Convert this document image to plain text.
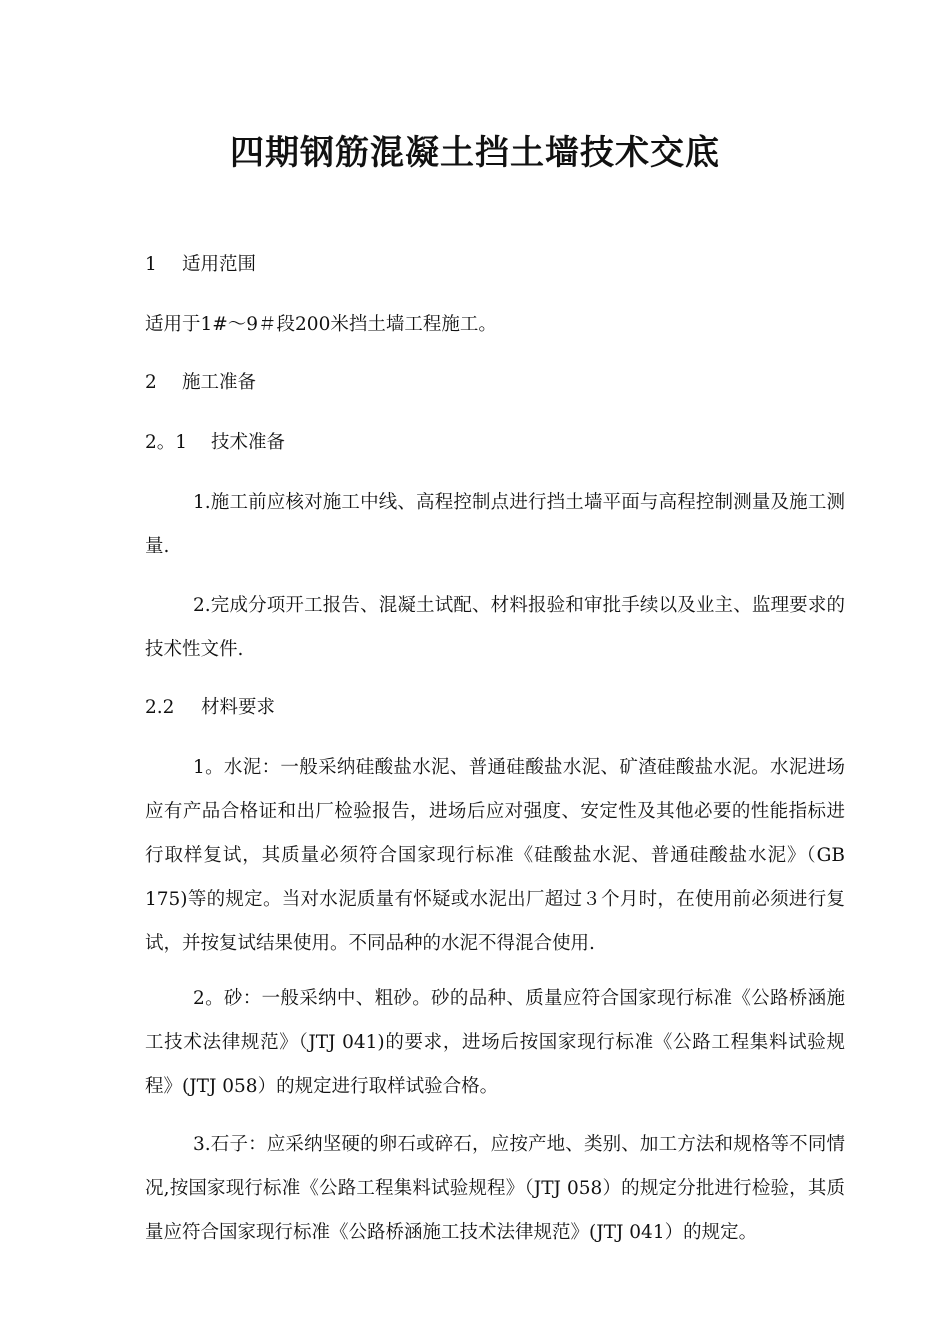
四期钢筋混凝土挡土墙技术交底
1 适用范围
适用于1#～9＃段200米挡土墙工程施工。
2 施工准备
2。1 技术准备
1.施工前应核对施工中线、高程控制点进行挡土墙平面与高程控制测量及施工测量.
2.完成分项开工报告、混凝土试配、材料报验和审批手续以及业主、监理要求的技术性文件.
2.2 材料要求
1。水泥：一般采纳硅酸盐水泥、普通硅酸盐水泥、矿渣硅酸盐水泥。水泥进场应有产品合格证和出厂检验报告，进场后应对强度、安定性及其他必要的性能指标进行取样复试，其质量必须符合国家现行标准《硅酸盐水泥、普通硅酸盐水泥》（GB 175)等的规定。当对水泥质量有怀疑或水泥出厂超过３个月时，在使用前必须进行复试，并按复试结果使用。不同品种的水泥不得混合使用.
2。砂：一般采纳中、粗砂。砂的品种、质量应符合国家现行标准《公路桥涵施工技术法律规范》（JTJ 041)的要求，进场后按国家现行标准《公路工程集料试验规程》(JTJ 058）的规定进行取样试验合格。
3.石子：应采纳坚硬的卵石或碎石，应按产地、类别、加工方法和规格等不同情况,按国家现行标准《公路工程集料试验规程》（JTJ 058）的规定分批进行检验，其质量应符合国家现行标准《公路桥涵施工技术法律规范》(JTJ 041）的规定。
